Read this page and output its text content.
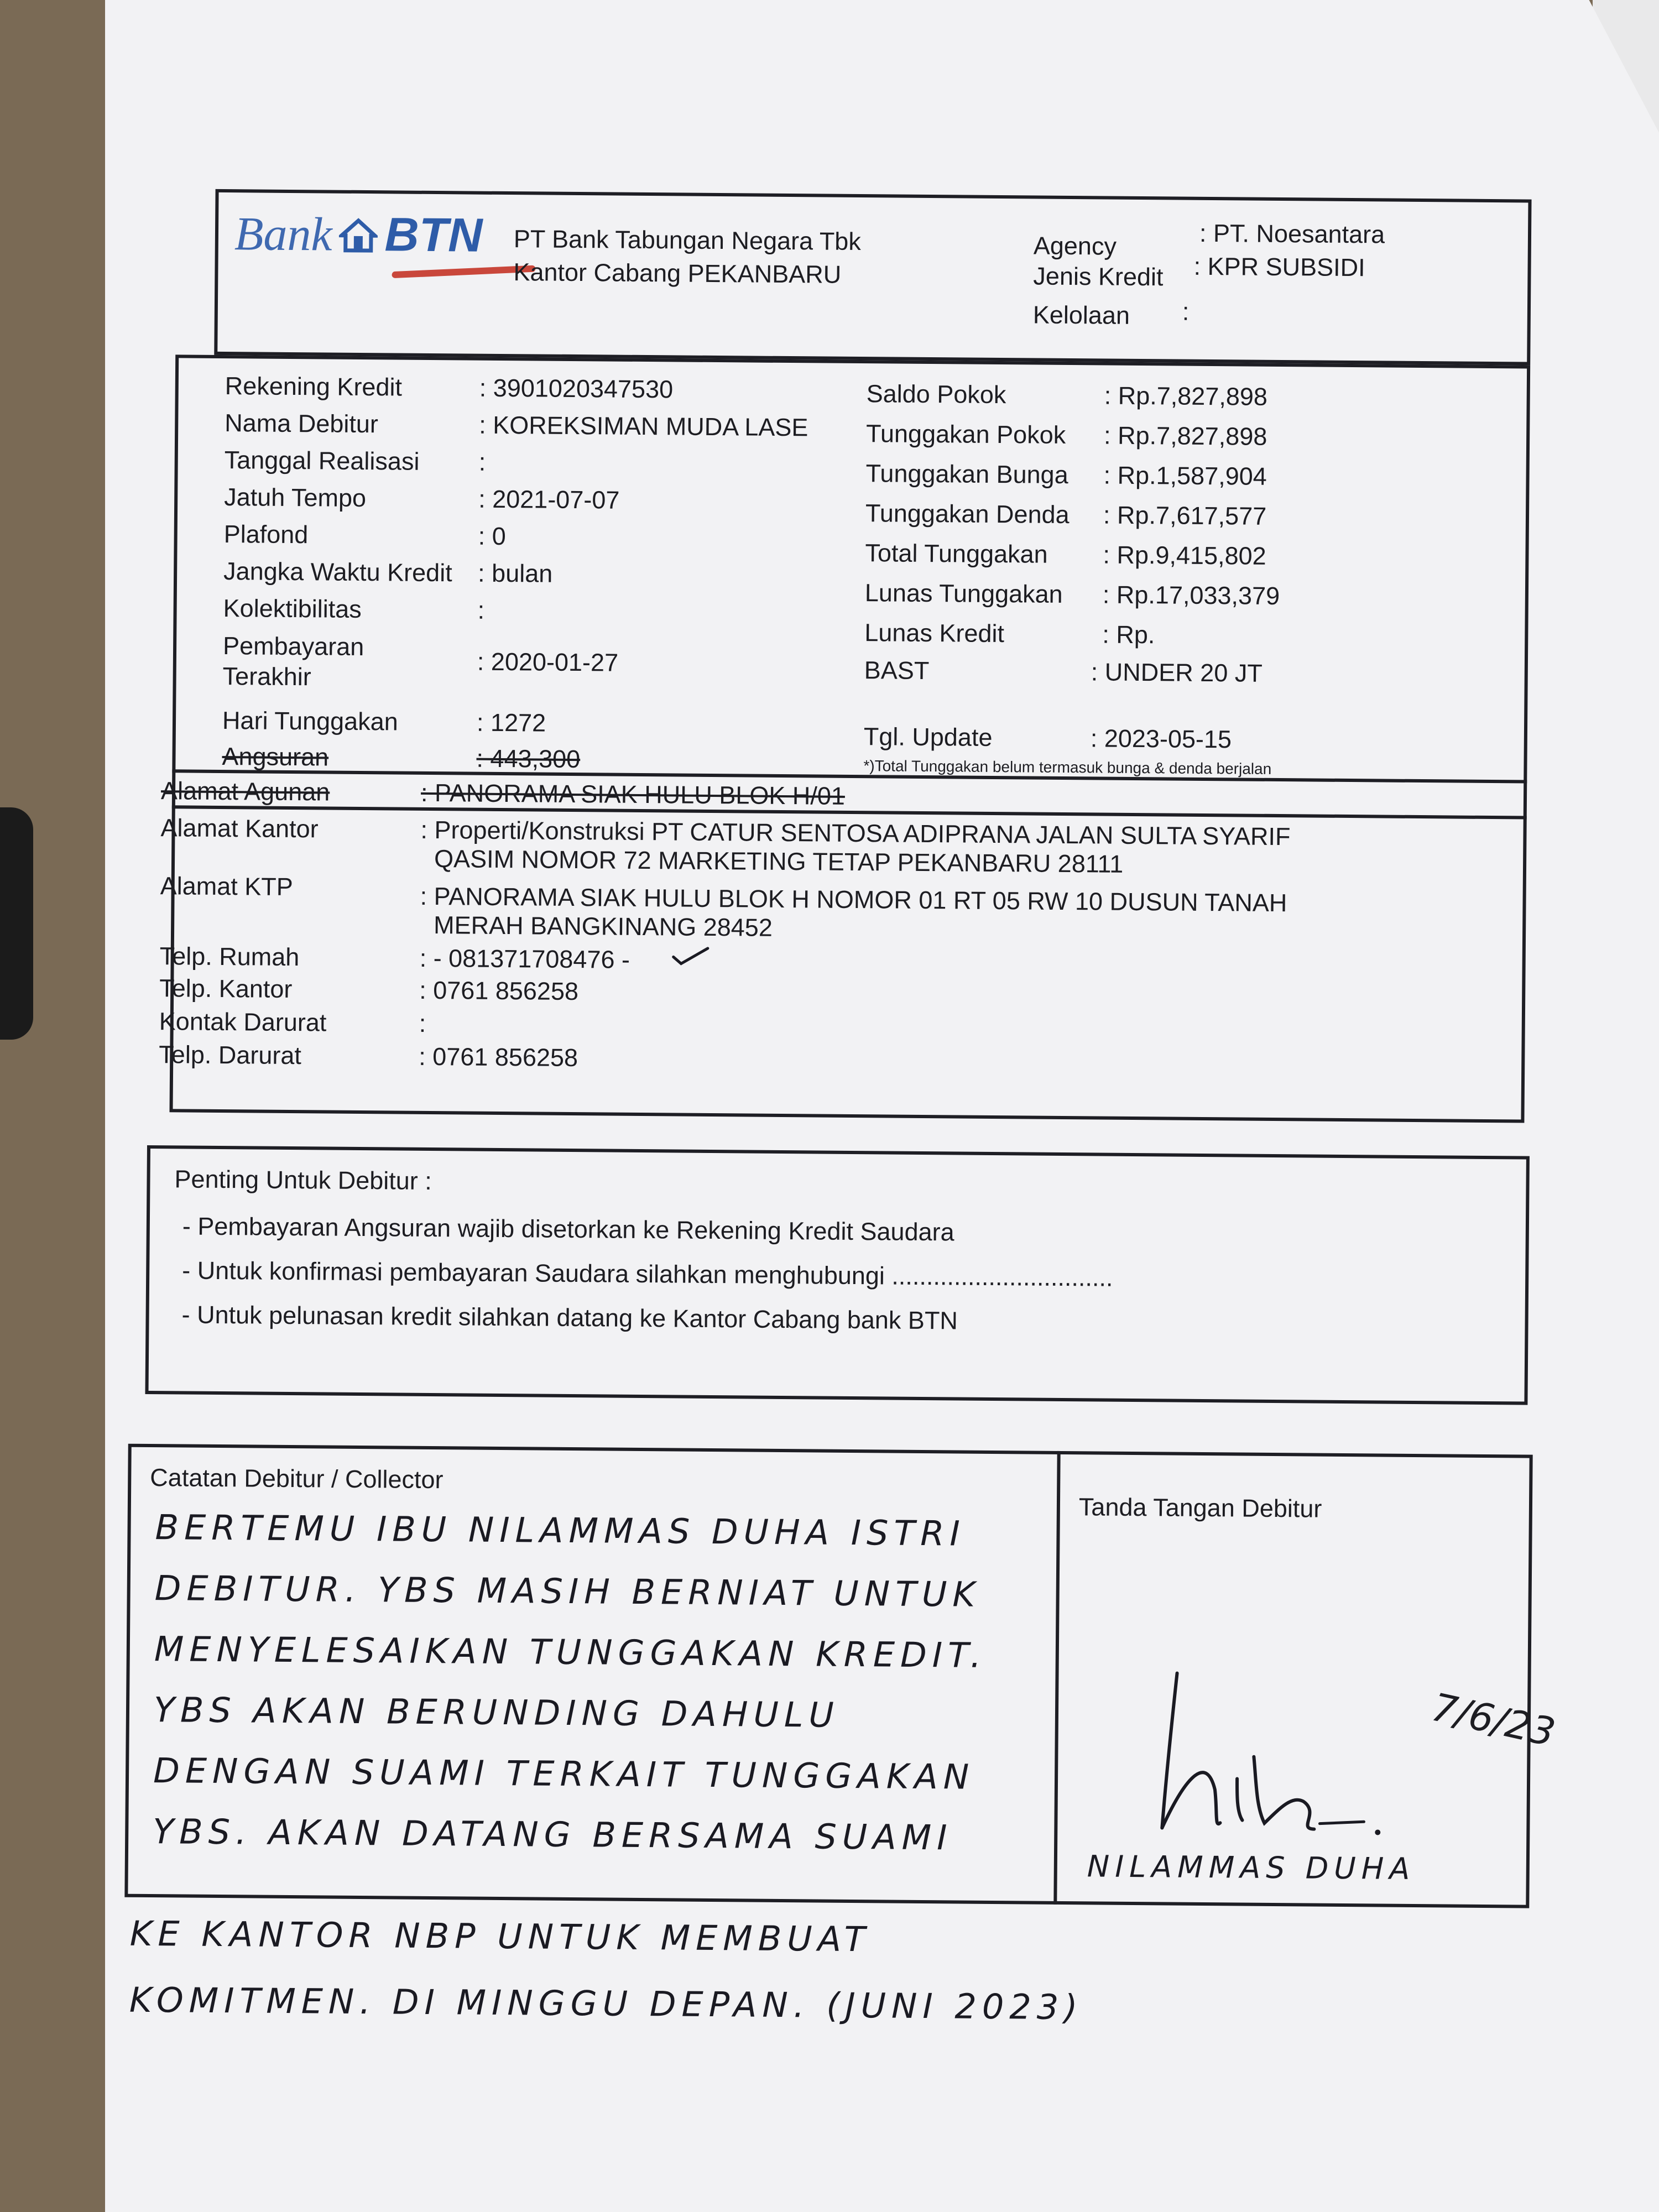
Bank BTN PT Bank Tabungan Negara Tbk
Kantor Cabang PEKANBARU
Agency	: PT. Noesantara
Jenis Kredit : KPR SUBSIDI
Kelolaan :
Rekening Kredit	: 3901020347530
Nama Debitur	: KOREKSIMAN MUDA LASE
Tanggal Realisasi :
Jatuh Tempo	: 2021-07-07
Plafond	: 0
Jangka Waktu Kredit : bulan
Kolektibilitas	:
Pembayaran
Terakhir	: 2020-01-27
Hari Tunggakan	: 1272
Angsuran	: 443,300
Saldo Pokok	: Rp.7,827,898
Tunggakan Pokok : Rp.7,827,898
Tunggakan Bunga : Rp.1,587,904
Tunggakan Denda : Rp.7,617,577
Total Tunggakan : Rp.9,415,802
Lunas Tunggakan : Rp.17,033,379
Lunas Kredit	: Rp.
BAST	: UNDER 20 JT
Tgl. Update	: 2023-05-15
*)Total Tunggakan belum termasuk bunga & denda berjalan
Alamat Agunan	: PANORAMA SIAK HULU BLOK H/01
Alamat Kantor	: Properti/Konstruksi PT CATUR SENTOSA ADIPRANA JALAN SULTA SYARIF
QASIM NOMOR 72 MARKETING TETAP PEKANBARU 28111
Alamat KTP	: PANORAMA SIAK HULU BLOK H NOMOR 01 RT 05 RW 10 DUSUN TANAH
MERAH BANGKINANG 28452
Telp. Rumah	: - 081371708476 -
Telp. Kantor	: 0761 856258
Kontak Darurat	:
Telp. Darurat	: 0761 856258
Penting Untuk Debitur :
- Pembayaran Angsuran wajib disetorkan ke Rekening Kredit Saudara
- Untuk konfirmasi pembayaran Saudara silahkan menghubungi ................................
- Untuk pelunasan kredit silahkan datang ke Kantor Cabang bank BTN
Catatan Debitur / Collector
Tanda Tangan Debitur
BERTEMU IBU NILAMMAS DUHA ISTRI
DEBITUR. YBS MASIH BERNIAT UNTUK
MENYELESAIKAN TUNGGAKAN KREDIT.
YBS AKAN BERUNDING DAHULU
DENGAN SUAMI TERKAIT TUNGGAKAN
YBS. AKAN DATANG BERSAMA SUAMI
KE KANTOR NBP UNTUK MEMBUAT
KOMITMEN. DI MINGGU DEPAN. (JUNI 2023)
7/6/23
NILAMMAS DUHA
